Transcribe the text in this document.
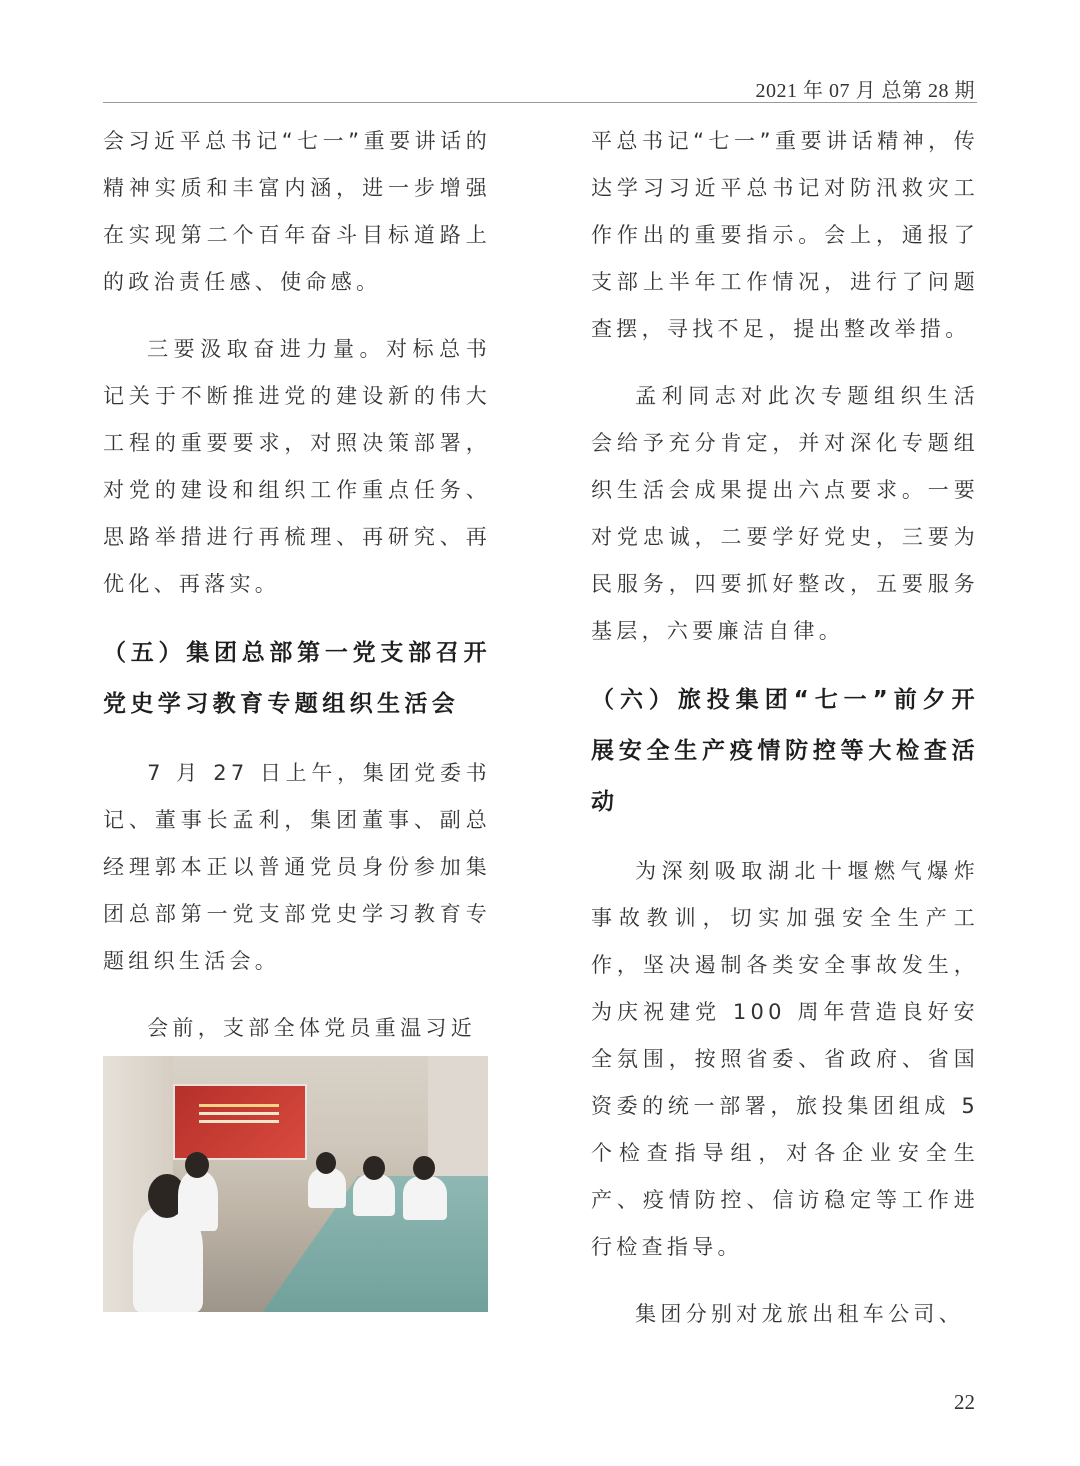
2021 年 07 月 总第 28 期

会习近平总书记“七一”重要讲话的精神实质和丰富内涵，进一步增强在实现第二个百年奋斗目标道路上的政治责任感、使命感。

三要汲取奋进力量。对标总书记关于不断推进党的建设新的伟大工程的重要要求，对照决策部署，对党的建设和组织工作重点任务、思路举措进行再梳理、再研究、再优化、再落实。

（五）集团总部第一党支部召开党史学习教育专题组织生活会

7 月 27 日上午，集团党委书记、董事长孟利，集团董事、副总经理郭本正以普通党员身份参加集团总部第一党支部党史学习教育专题组织生活会。

会前，支部全体党员重温习近

平总书记“七一”重要讲话精神，传达学习习近平总书记对防汛救灾工作作出的重要指示。会上，通报了支部上半年工作情况，进行了问题查摆，寻找不足，提出整改举措。

孟利同志对此次专题组织生活会给予充分肯定，并对深化专题组织生活会成果提出六点要求。一要对党忠诚，二要学好党史，三要为民服务，四要抓好整改，五要服务基层，六要廉洁自律。

（六）旅投集团“七一”前夕开展安全生产疫情防控等大检查活动

为深刻吸取湖北十堰燃气爆炸事故教训，切实加强安全生产工作，坚决遏制各类安全事故发生，为庆祝建党 100 周年营造良好安全氛围，按照省委、省政府、省国资委的统一部署，旅投集团组成 5 个检查指导组，对各企业安全生产、疫情防控、信访稳定等工作进行检查指导。

集团分别对龙旅出租车公司、

22
